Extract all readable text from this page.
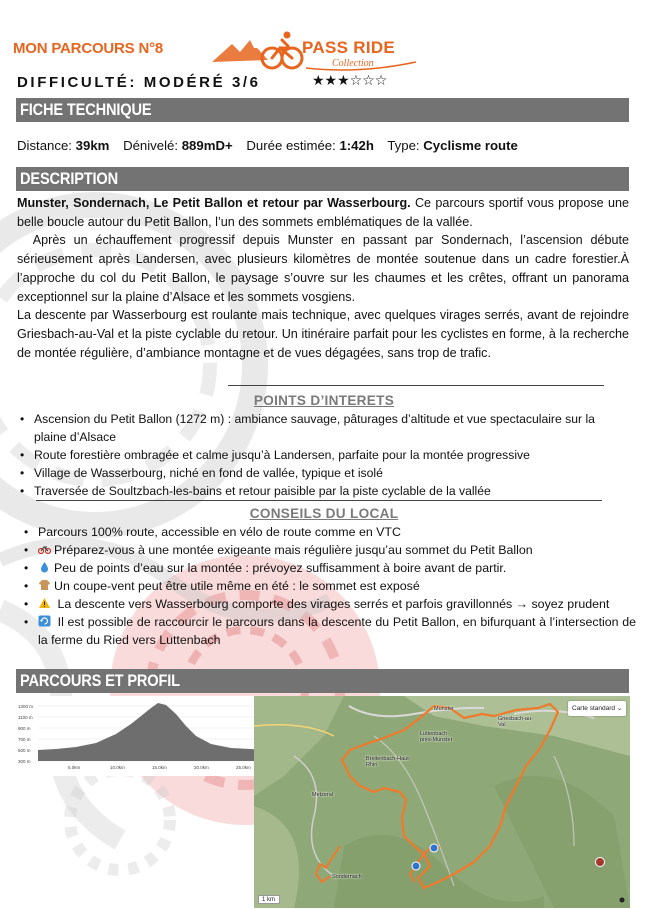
MON PARCOURS N°8	PASS RIDE
Collection
DIFFICULTÉ: MODÉRÉ 3/6	★★★☆☆☆
FICHE TECHNIQUE
Distance: 39km Dénivelé: 889mD+ Durée estimée: 1:42h Type: Cyclisme route
DESCRIPTION

Munster, Sondernach, Le Petit Ballon et retour par Wasserbourg. Ce parcours sportif vous propose une belle boucle autour du Petit Ballon, l’un des sommets emblématiques de la vallée.

Après un échauffement progressif depuis Munster en passant par Sondernach, l’ascension débute sérieusement après Landersen, avec plusieurs kilomètres de montée soutenue dans un cadre forestier.À l’approche du col du Petit Ballon, le paysage s’ouvre sur les chaumes et les crêtes, offrant un panorama exceptionnel sur la plaine d’Alsace et les sommets vosgiens.

La descente par Wasserbourg est roulante mais technique, avec quelques virages serrés, avant de rejoindre Griesbach-au-Val et la piste cyclable du retour. Un itinéraire parfait pour les cyclistes en forme, à la recherche de montée régulière, d’ambiance montagne et de vues dégagées, sans trop de trafic.

POINTS D’INTERETS
• Ascension du Petit Ballon (1272 m) : ambiance sauvage, pâturages d’altitude et vue spectaculaire sur la plaine d’Alsace
• Route forestière ombragée et calme jusqu’à Landersen, parfaite pour la montée progressive
• Village de Wasserbourg, niché en fond de vallée, typique et isolé
• Traversée de Soultzbach-les-bains et retour paisible par la piste cyclable de la vallée
CONSEILS DU LOCAL
• Parcours 100% route, accessible en vélo de route comme en VTC
• Préparez-vous à une montée exigeante mais régulière jusqu’au sommet du Petit Ballon
• Peu de points d’eau sur la montée : prévoyez suffisamment à boire avant de partir.
• Un coupe-vent peut être utile même en été : le sommet est exposé
• La descente vers Wasserbourg comporte des virages serrés et parfois gravillonnés → soyez prudent
• Il est possible de raccourcir le parcours dans la descente du Petit Ballon, en bifurquant à l’intersection de la ferme du Ried vers Luttenbach
PARCOURS ET PROFIL
1300 m
1100 m
900 m
700 m
500 m
300 m
5.0km	10.0km	15.0km	20.0km	25.0km
Carte standard ⌄
Munster
Luttenbach-près-Munster
Griesbach-au-Val
Breitenbach-Haut-Rhin
Metzeral
Sondernach
1 km
